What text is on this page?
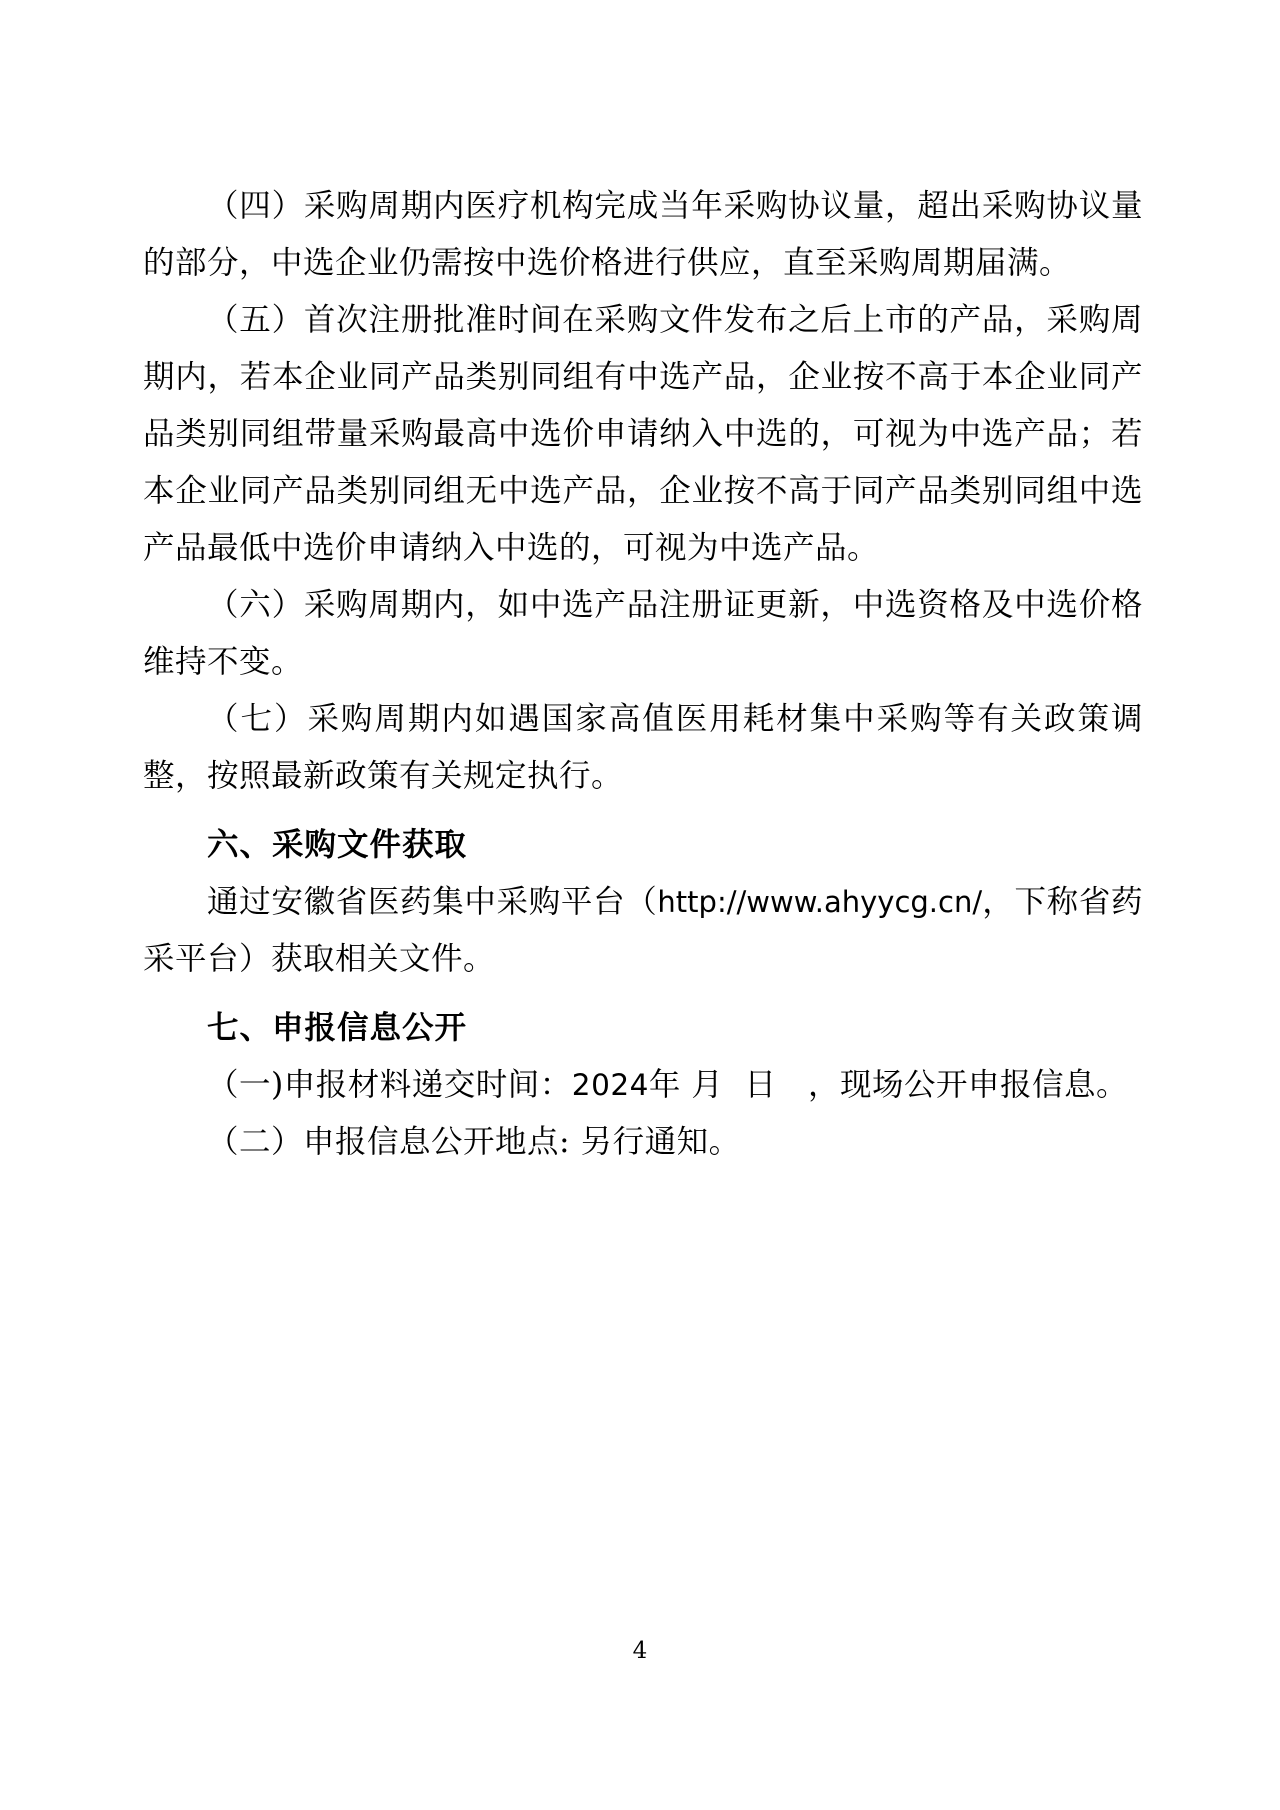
（四）采购周期内医疗机构完成当年采购协议量，超出采购协议量的部分，中选企业仍需按中选价格进行供应，直至采购周期届满。

（五）首次注册批准时间在采购文件发布之后上市的产品，采购周期内，若本企业同产品类别同组有中选产品，企业按不高于本企业同产品类别同组带量采购最高中选价申请纳入中选的，可视为中选产品；若本企业同产品类别同组无中选产品，企业按不高于同产品类别同组中选产品最低中选价申请纳入中选的，可视为中选产品。

（六）采购周期内，如中选产品注册证更新，中选资格及中选价格维持不变。

（七）采购周期内如遇国家高值医用耗材集中采购等有关政策调整，按照最新政策有关规定执行。

六、采购文件获取

通过安徽省医药集中采购平台（http://www.ahyycg.cn/，下称省药采平台）获取相关文件。

七、申报信息公开

（一)申报材料递交时间：2024年 月 日 ，现场公开申报信息。

（二）申报信息公开地点: 另行通知。

4
